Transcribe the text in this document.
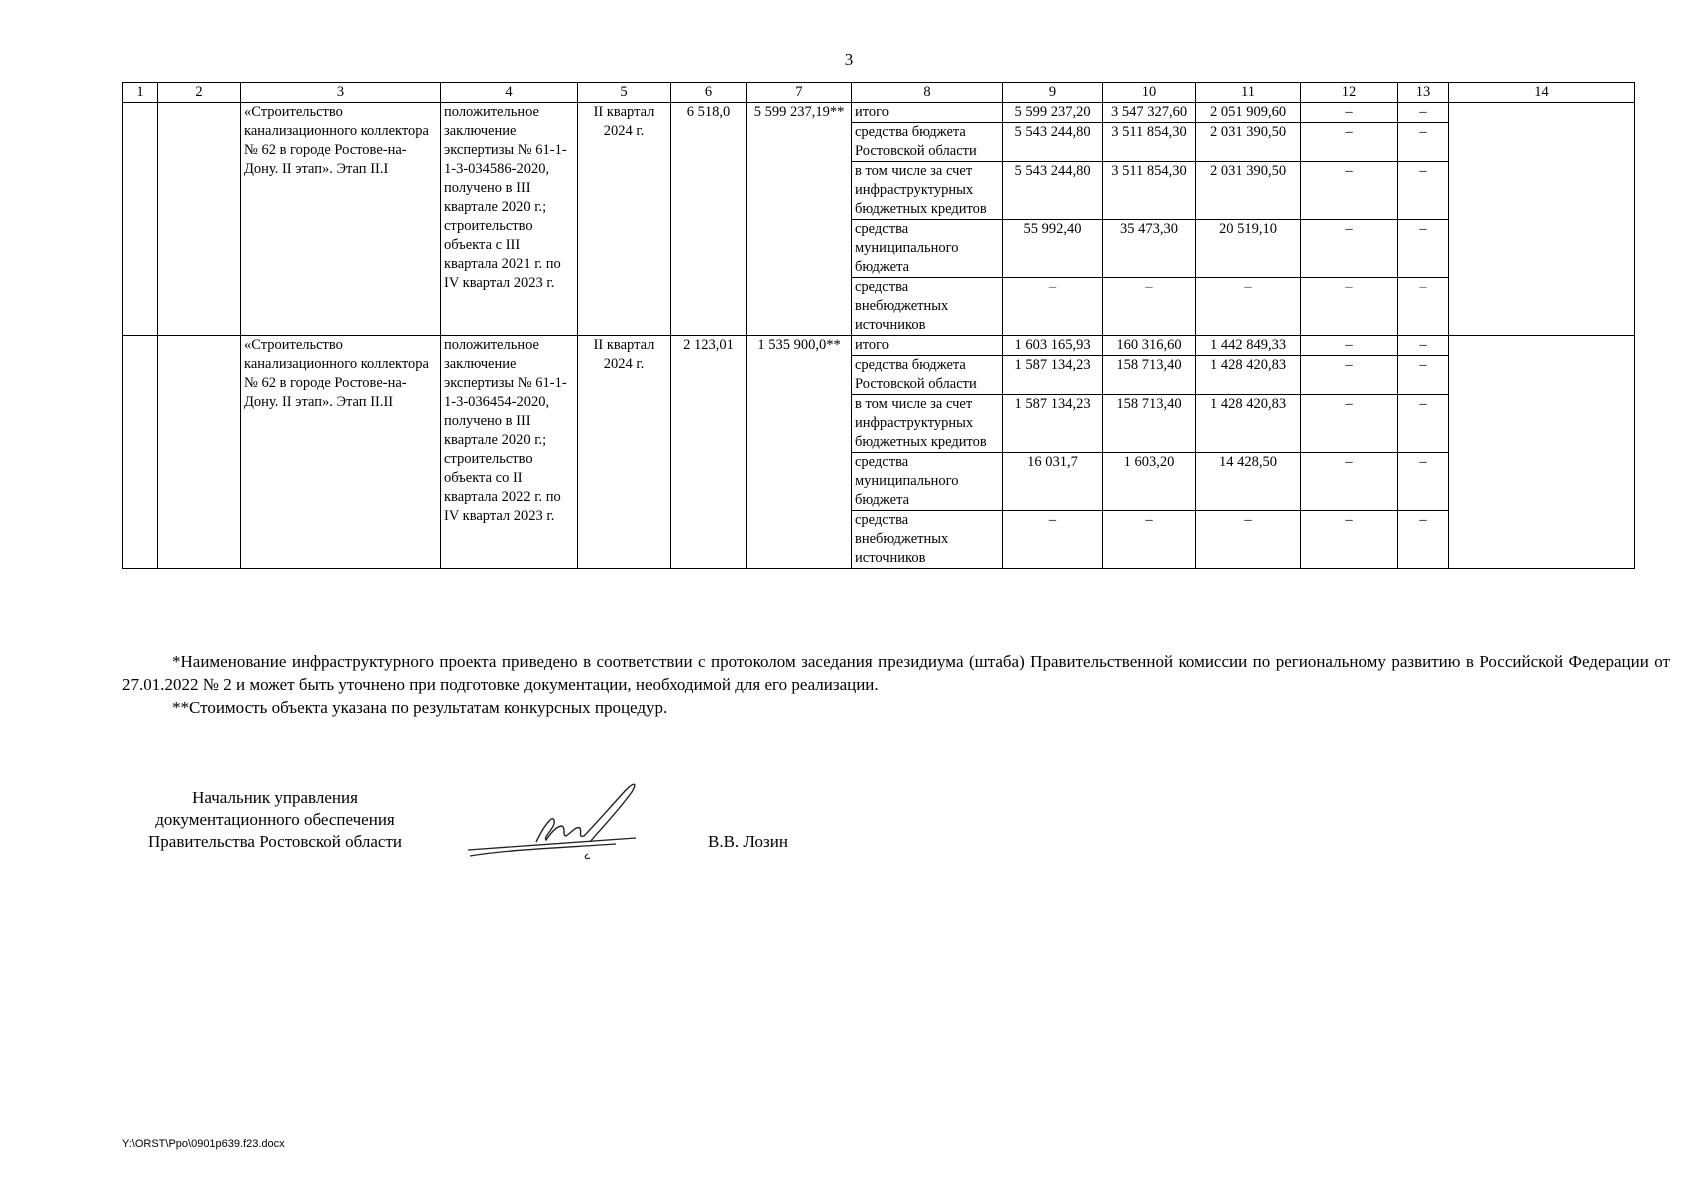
3
1	2	3	4	5	6	7	8	9	10	11	12	13	14
		«Строительство канализационного коллектора № 62 в городе Ростове-на-Дону. II этап». Этап II.I	положительное заключение экспертизы № 61-1-1-3-034586-2020, получено в III квартале 2020 г.; строительство объекта с III квартала 2021 г. по IV квартал 2023 г.	II квартал 2024 г.	6 518,0	5 599 237,19**	итого	5 599 237,20	3 547 327,60	2 051 909,60	–	–	
							средства бюджета Ростовской области	5 543 244,80	3 511 854,30	2 031 390,50	–	–	
							в том числе за счет инфраструктурных бюджетных кредитов	5 543 244,80	3 511 854,30	2 031 390,50	–	–	
							средства муниципального бюджета	55 992,40	35 473,30	20 519,10	–	–	
							средства внебюджетных источников	–	–	–	–	–	
		«Строительство канализационного коллектора № 62 в городе Ростове-на-Дону. II этап». Этап II.II	положительное заключение экспертизы № 61-1-1-3-036454-2020, получено в III квартале 2020 г.; строительство объекта со II квартала 2022 г. по IV квартал 2023 г.	II квартал 2024 г.	2 123,01	1 535 900,0**	итого	1 603 165,93	160 316,60	1 442 849,33	–	–	
							средства бюджета Ростовской области	1 587 134,23	158 713,40	1 428 420,83	–	–	
							в том числе за счет инфраструктурных бюджетных кредитов	1 587 134,23	158 713,40	1 428 420,83	–	–	
							средства муниципального бюджета	16 031,7	1 603,20	14 428,50	–	–	
							средства внебюджетных источников	–	–	–	–	–	

*Наименование инфраструктурного проекта приведено в соответствии с протоколом заседания президиума (штаба) Правительственной комиссии по региональному развитию в Российской Федерации от 27.01.2022 № 2 и может быть уточнено при подготовке документации, необходимой для его реализации.

**Стоимость объекта указана по результатам конкурсных процедур.

Начальник управления
документационного обеспечения
Правительства Ростовской области	В.В. Лозин
Y:\ORST\Ppo\0901p639.f23.docx
